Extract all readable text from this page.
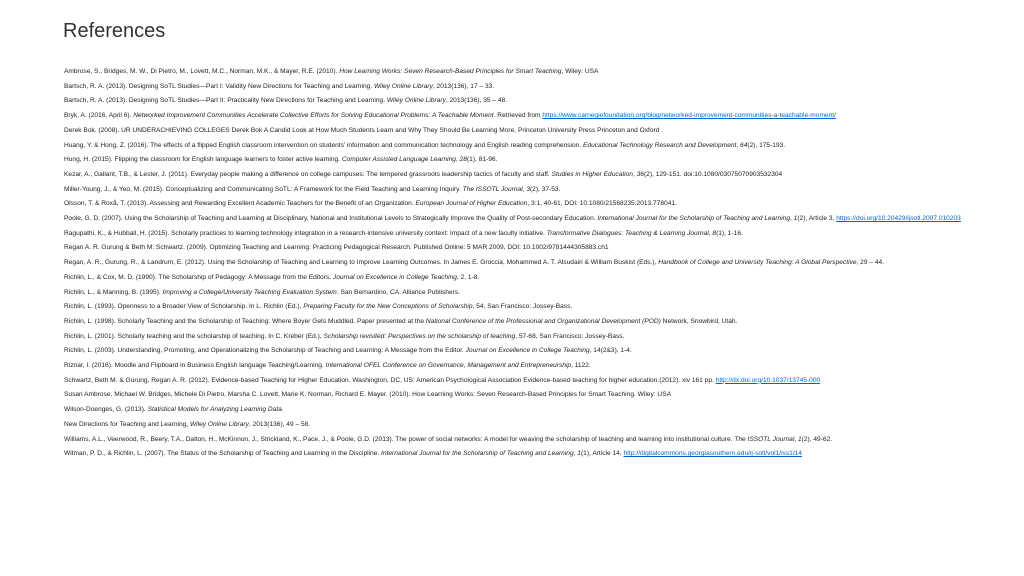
References

Ambrose, S., Bridges, M. W., Di Pietro, M., Lovett, M.C., Norman, M.K., & Mayer, R.E. (2010). How Learning Works: Seven Research-Based Principles for Smart Teaching, Wiley: USA

Bartsch, R. A. (2013). Designing SoTL Studies—Part I: Validity New Directions for Teaching and Learning. Wiley Online Library, 2013(136), 17 – 33.

Bartsch, R. A. (2013). Designing SoTL Studies—Part II: Practicality New Directions for Teaching and Learning. Wiley Online Library, 2013(136), 35 – 48.

Bryk, A. (2016, April 6). Networked Improvement Communities Accelerate Collective Efforts for Solving Educational Problems: A Teachable Moment. Retrieved from https://www.carnegiefoundation.org/blog/networked-improvement-communities-a-teachable-moment/

Derek Bok. (2008). UR UNDERACHIEVING COLLEGES Derek Bok A Candid Look at How Much Students Learn and Why They Should Be Learning More. Princeton University Press Princeton and Oxford .

Huang, Y. & Hong, Z. (2016). The effects of a flipped English classroom intervention on students’ information and communication technology and English reading comprehension. Educational Technology Research and Development, 64(2), 175-193.

Hung, H. (2015). Flipping the classroom for English language learners to foster active learning. Computer Assisted Language Learning, 28(1), 81-96.

Kezar, A., Gallant, T.B., & Lester, J. (2011). Everyday people making a difference on college campuses: The tempered grassroots leadership tactics of faculty and staff. Studies in Higher Education, 36(2), 129-151. doi:10.1080/03075070903532304

Miller-Young, J., & Yeo, M. (2015). Conceptualizing and Communicating SoTL: A Framework for the Field Teaching and Learning Inquiry. The ISSOTL Journal, 3(2), 37-53.

Olsson, T. & Roxå, T. (2013). Assessing and Rewarding Excellent Academic Teachers for the Benefit of an Organization. European Journal of Higher Education, 3:1, 40-61, DOI: 10.1080/21568235.2013.778041.

Poole, G. D. (2007). Using the Scholarship of Teaching and Learning at Disciplinary, National and Institutional Levels to Strategically Improve the Quality of Post-secondary Education. International Journal for the Scholarship of Teaching and Learning, 1(2), Article 3, https://doi.org/10.20429/ijsotl.2007.010203

Ragupathi, K., & Hubball, H. (2015). Scholarly practices to learning technology integration in a research-intensive university context: Impact of a new faculty initiative. Transformative Dialogues: Teaching & Learning Journal, 8(1), 1-16.

Regan A. R. Gurung & Beth M. Schwartz. (2009). Optimizing Teaching and Learning: Practicing Pedagogical Research. Published Online: 5 MAR 2009, DOI: 10.1002/9781444305883.ch1

Regan, A. R., Gurung, R., & Landrum, E. (2012). Using the Scholarship of Teaching and Learning to Improve Learning Outcomes. In James E. Groccia, Mohammed A. T. Alsudairi & William Buskist (Eds.), Handbook of College and University Teaching: A Global Perspective, 29 – 44.

Richlin, L., & Cox, M. D. (1990). The Scholarship of Pedagogy: A Message from the Editors. Journal on Excellence in College Teaching, 2, 1-8.

Richlin, L., & Manning, B. (1995). Improving a College/University Teaching Evaluation System. San Bernardino, CA: Alliance Publishers.

Richlin, L. (1993). Openness to a Broader View of Scholarship. In L. Richlin (Ed.), Preparing Faculty for the New Conceptions of Scholarship, 54, San Francisco: Jossey-Bass.

Richlin, L. (1998). Scholarly Teaching and the Scholarship of Teaching: Where Boyer Gets Muddled. Paper presented at the National Conference of the Professional and Organizational Development (POD) Network, Snowbird, Utah.

Richlin, L. (2001). Scholarly teaching and the scholarship of teaching. In C. Kreber (Ed.), Scholarship revisited: Perspectives on the scholarship of teaching, 57-68, San Francisco: Jossey-Bass.

Richlin, L. (2003). Understanding, Promoting, and Operationalizing the Scholarship of Teaching and Learning: A Message from the Editor. Journal on Excellence in College Teaching, 14(2&3), 1-4.

Riznar, I. (2016). Moodle and Flipboard in Business English language Teaching/Learning. International OFEL Conference on Governance, Management and Entrepreneurship, 1122.

Schwartz, Beth M. & Gurung, Regan A. R. (2012). Evidence-based Teaching for Higher Education. Washington, DC, US: American Psychological Association Evidence-based teaching for higher education.(2012). xiv 161 pp. http://dx.doi.org/10.1037/13745-000

Susan Ambrose, Michael W. Bridges, Michele Di Pietro, Marsha C. Lovett, Marie K. Norman, Richard E. Mayer. (2010). How Learning Works: Seven Research-Based Principles for Smart Teaching. Wiley: USA

Wilson-Doenges, G. (2013). Statistical Models for Analyzing Learning Data.

New Directions for Teaching and Learning, Wiley Online Library, 2013(136), 49 – 58.

Williams, A.L., Veerwood, R., Beery, T.A., Dalton, H., McKinnon, J., Strickland, K., Pace, J., & Poole, G.D. (2013). The power of social networks: A model for weaving the scholarship of teaching and learning into institutional culture. The ISSOTL Journal, 1(2), 49-62.

Witman, P. D., & Richlin, L. (2007). The Status of the Scholarship of Teaching and Learning in the Discipline. International Journal for the Scholarship of Teaching and Learning, 1(1), Article 14, http://digitalcommons.georgiasouthern.edu/ij-sotl/vol1/iss1/14
